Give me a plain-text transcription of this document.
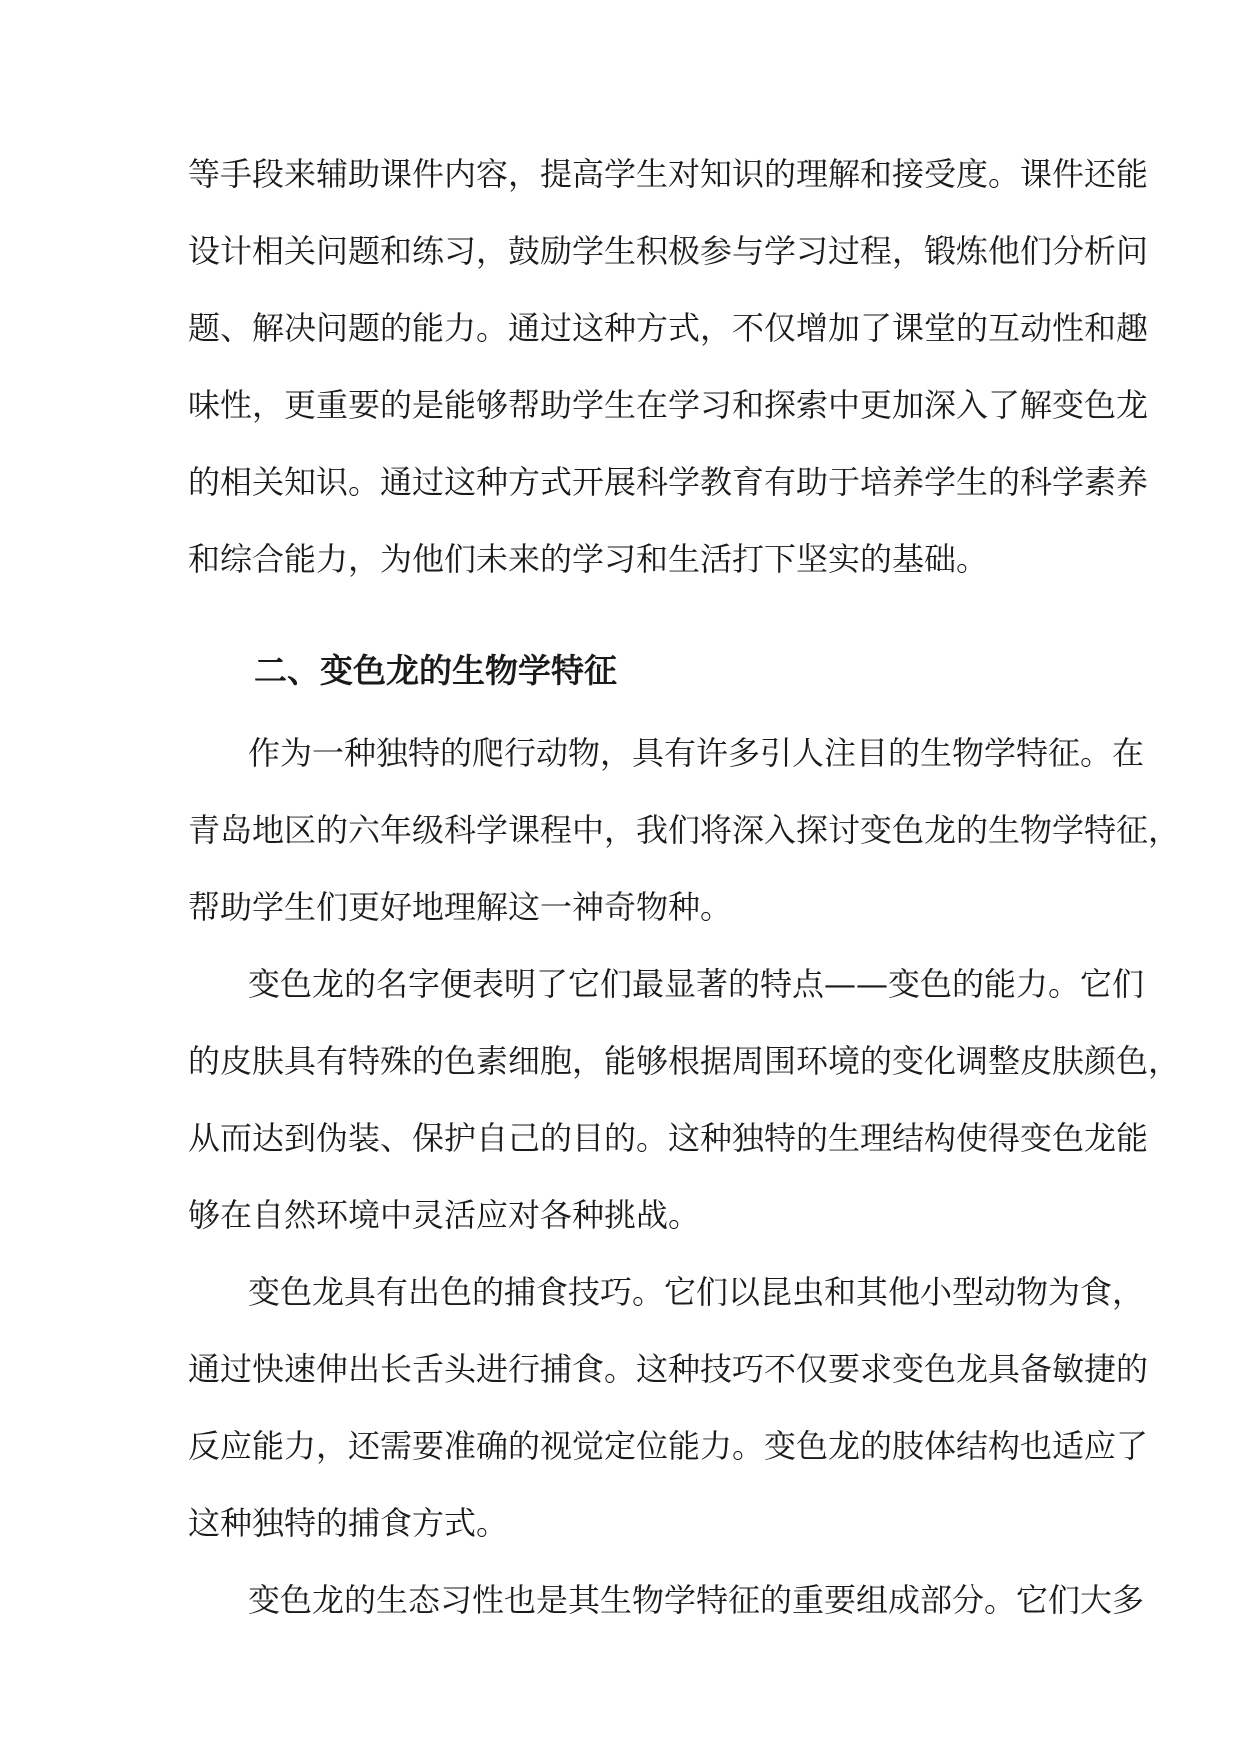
等手段来辅助课件内容，提高学生对知识的理解和接受度。课件还能
设计相关问题和练习，鼓励学生积极参与学习过程，锻炼他们分析问
题、解决问题的能力。通过这种方式，不仅增加了课堂的互动性和趣
味性，更重要的是能够帮助学生在学习和探索中更加深入了解变色龙
的相关知识。通过这种方式开展科学教育有助于培养学生的科学素养
和综合能力，为他们未来的学习和生活打下坚实的基础。
二、变色龙的生物学特征
作为一种独特的爬行动物，具有许多引人注目的生物学特征。在
青岛地区的六年级科学课程中，我们将深入探讨变色龙的生物学特征，
帮助学生们更好地理解这一神奇物种。
变色龙的名字便表明了它们最显著的特点——变色的能力。它们
的皮肤具有特殊的色素细胞，能够根据周围环境的变化调整皮肤颜色，
从而达到伪装、保护自己的目的。这种独特的生理结构使得变色龙能
够在自然环境中灵活应对各种挑战。
变色龙具有出色的捕食技巧。它们以昆虫和其他小型动物为食，
通过快速伸出长舌头进行捕食。这种技巧不仅要求变色龙具备敏捷的
反应能力，还需要准确的视觉定位能力。变色龙的肢体结构也适应了
这种独特的捕食方式。
变色龙的生态习性也是其生物学特征的重要组成部分。它们大多
